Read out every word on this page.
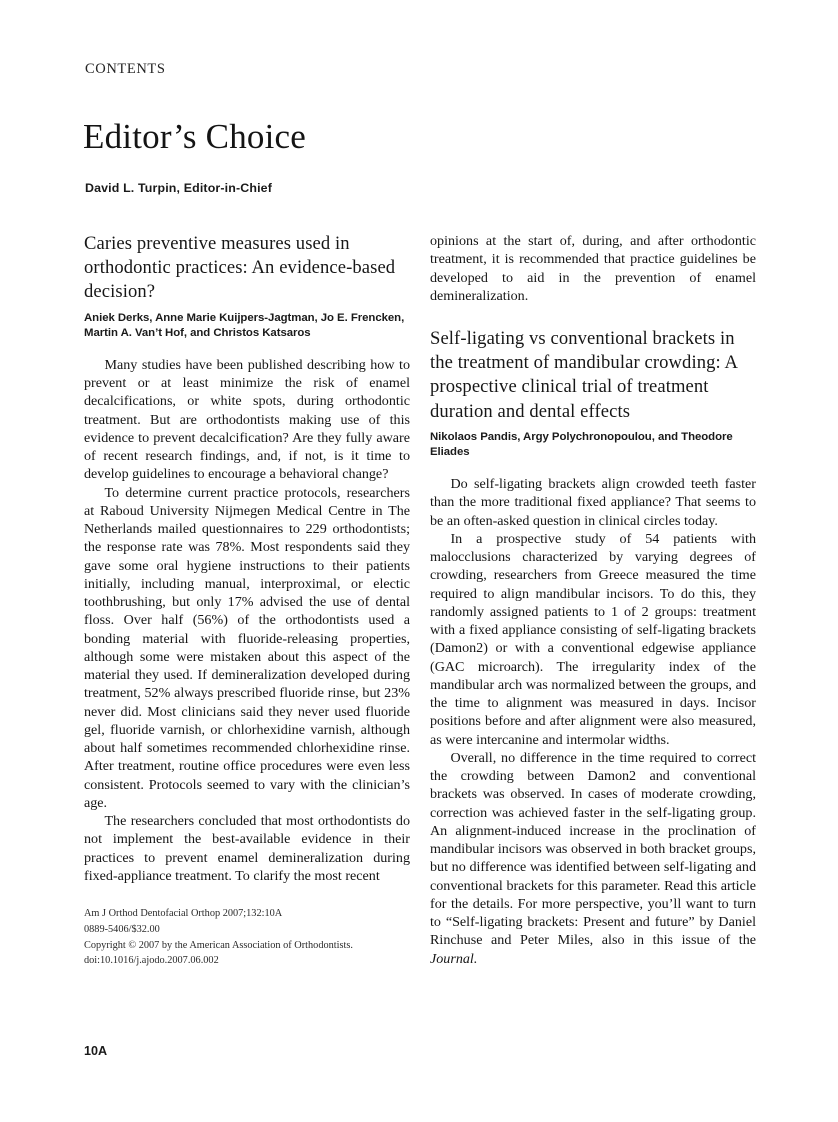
CONTENTS
Editor’s Choice
David L. Turpin, Editor-in-Chief
Caries preventive measures used in orthodontic practices: An evidence-based decision?
Aniek Derks, Anne Marie Kuijpers-Jagtman, Jo E. Frencken, Martin A. Van’t Hof, and Christos Katsaros

Many studies have been published describing how to prevent or at least minimize the risk of enamel decalcifications, or white spots, during orthodontic treatment. But are orthodontists making use of this evidence to prevent decalcification? Are they fully aware of recent research findings, and, if not, is it time to develop guidelines to encourage a behavioral change?

To determine current practice protocols, researchers at Raboud University Nijmegen Medical Centre in The Netherlands mailed questionnaires to 229 orthodontists; the response rate was 78%. Most respondents said they gave some oral hygiene instructions to their patients initially, including manual, interproximal, or electic toothbrushing, but only 17% advised the use of dental floss. Over half (56%) of the orthodontists used a bonding material with fluoride-releasing properties, although some were mistaken about this aspect of the material they used. If demineralization developed during treatment, 52% always prescribed fluoride rinse, but 23% never did. Most clinicians said they never used fluoride gel, fluoride varnish, or chlorhexidine varnish, although about half sometimes recommended chlorhexidine rinse. After treatment, routine office procedures were even less consistent. Protocols seemed to vary with the clinician’s age.

The researchers concluded that most orthodontists do not implement the best-available evidence in their practices to prevent enamel demineralization during fixed-appliance treatment. To clarify the most recent

opinions at the start of, during, and after orthodontic treatment, it is recommended that practice guidelines be developed to aid in the prevention of enamel demineralization.

Self-ligating vs conventional brackets in the treatment of mandibular crowding: A prospective clinical trial of treatment duration and dental effects
Nikolaos Pandis, Argy Polychronopoulou, and Theodore Eliades

Do self-ligating brackets align crowded teeth faster than the more traditional fixed appliance? That seems to be an often-asked question in clinical circles today.

In a prospective study of 54 patients with malocclusions characterized by varying degrees of crowding, researchers from Greece measured the time required to align mandibular incisors. To do this, they randomly assigned patients to 1 of 2 groups: treatment with a fixed appliance consisting of self-ligating brackets (Damon2) or with a conventional edgewise appliance (GAC microarch). The irregularity index of the mandibular arch was normalized between the groups, and the time to alignment was measured in days. Incisor positions before and after alignment were also measured, as were intercanine and intermolar widths.

Overall, no difference in the time required to correct the crowding between Damon2 and conventional brackets was observed. In cases of moderate crowding, correction was achieved faster in the self-ligating group. An alignment-induced increase in the proclination of mandibular incisors was observed in both bracket groups, but no difference was identified between self-ligating and conventional brackets for this parameter. Read this article for the details. For more perspective, you’ll want to turn to “Self-ligating brackets: Present and future” by Daniel Rinchuse and Peter Miles, also in this issue of the Journal.

Am J Orthod Dentofacial Orthop 2007;132:10A
0889-5406/$32.00
Copyright © 2007 by the American Association of Orthodontists.
doi:10.1016/j.ajodo.2007.06.002
10A
